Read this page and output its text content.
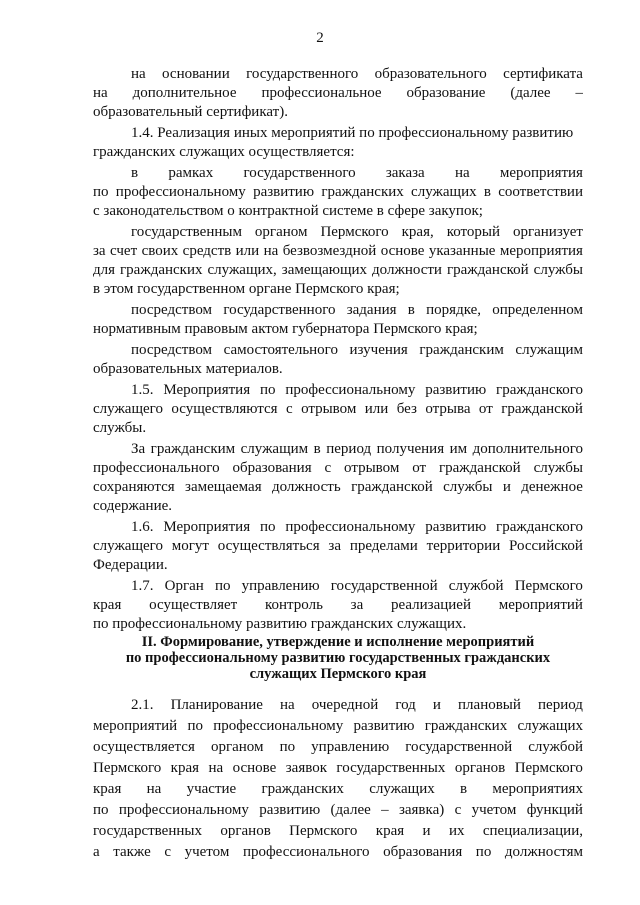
2
на основании государственного образовательного сертификата
на дополнительное профессиональное образование (далее –
образовательный сертификат).
1.4. Реализация иных мероприятий по профессиональному развитию
гражданских служащих осуществляется:
в рамках государственного заказа на мероприятия
по профессиональному развитию гражданских служащих в соответствии
с законодательством о контрактной системе в сфере закупок;
государственным органом Пермского края, который организует
за счет своих средств или на безвозмездной основе указанные мероприятия
для гражданских служащих, замещающих должности гражданской службы
в этом государственном органе Пермского края;
посредством государственного задания в порядке, определенном
нормативным правовым актом губернатора Пермского края;
посредством самостоятельного изучения гражданским служащим
образовательных материалов.
1.5. Мероприятия по профессиональному развитию гражданского
служащего осуществляются с отрывом или без отрыва от гражданской
службы.
За гражданским служащим в период получения им дополнительного
профессионального образования с отрывом от гражданской службы
сохраняются замещаемая должность гражданской службы и денежное
содержание.
1.6. Мероприятия по профессиональному развитию гражданского
служащего могут осуществляться за пределами территории Российской
Федерации.
1.7. Орган по управлению государственной службой Пермского
края осуществляет контроль за реализацией мероприятий
по профессиональному развитию гражданских служащих.
II. Формирование, утверждение и исполнение мероприятий
по профессиональному развитию государственных гражданских
служащих Пермского края
2.1. Планирование на очередной год и плановый период
мероприятий по профессиональному развитию гражданских служащих
осуществляется органом по управлению государственной службой
Пермского края на основе заявок государственных органов Пермского
края на участие гражданских служащих в мероприятиях
по профессиональному развитию (далее – заявка) с учетом функций
государственных органов Пермского края и их специализации,
а также с учетом профессионального образования по должностям
